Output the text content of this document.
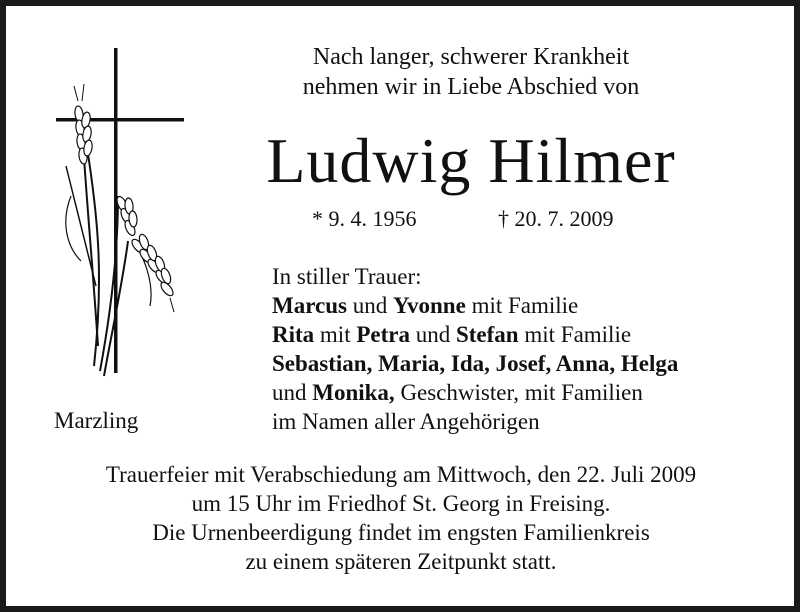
Nach langer, schwerer Krankheit
nehmen wir in Liebe Abschied von
Ludwig Hilmer
* 9. 4. 1956	† 20. 7. 2009
In stiller Trauer:
Marcus und Yvonne mit Familie
Rita mit Petra und Stefan mit Familie
Sebastian, Maria, Ida, Josef, Anna, Helga
und Monika, Geschwister, mit Familien
im Namen aller Angehörigen
Marzling
Trauerfeier mit Verabschiedung am Mittwoch, den 22. Juli 2009
um 15 Uhr im Friedhof St. Georg in Freising.
Die Urnenbeerdigung findet im engsten Familienkreis
zu einem späteren Zeitpunkt statt.
